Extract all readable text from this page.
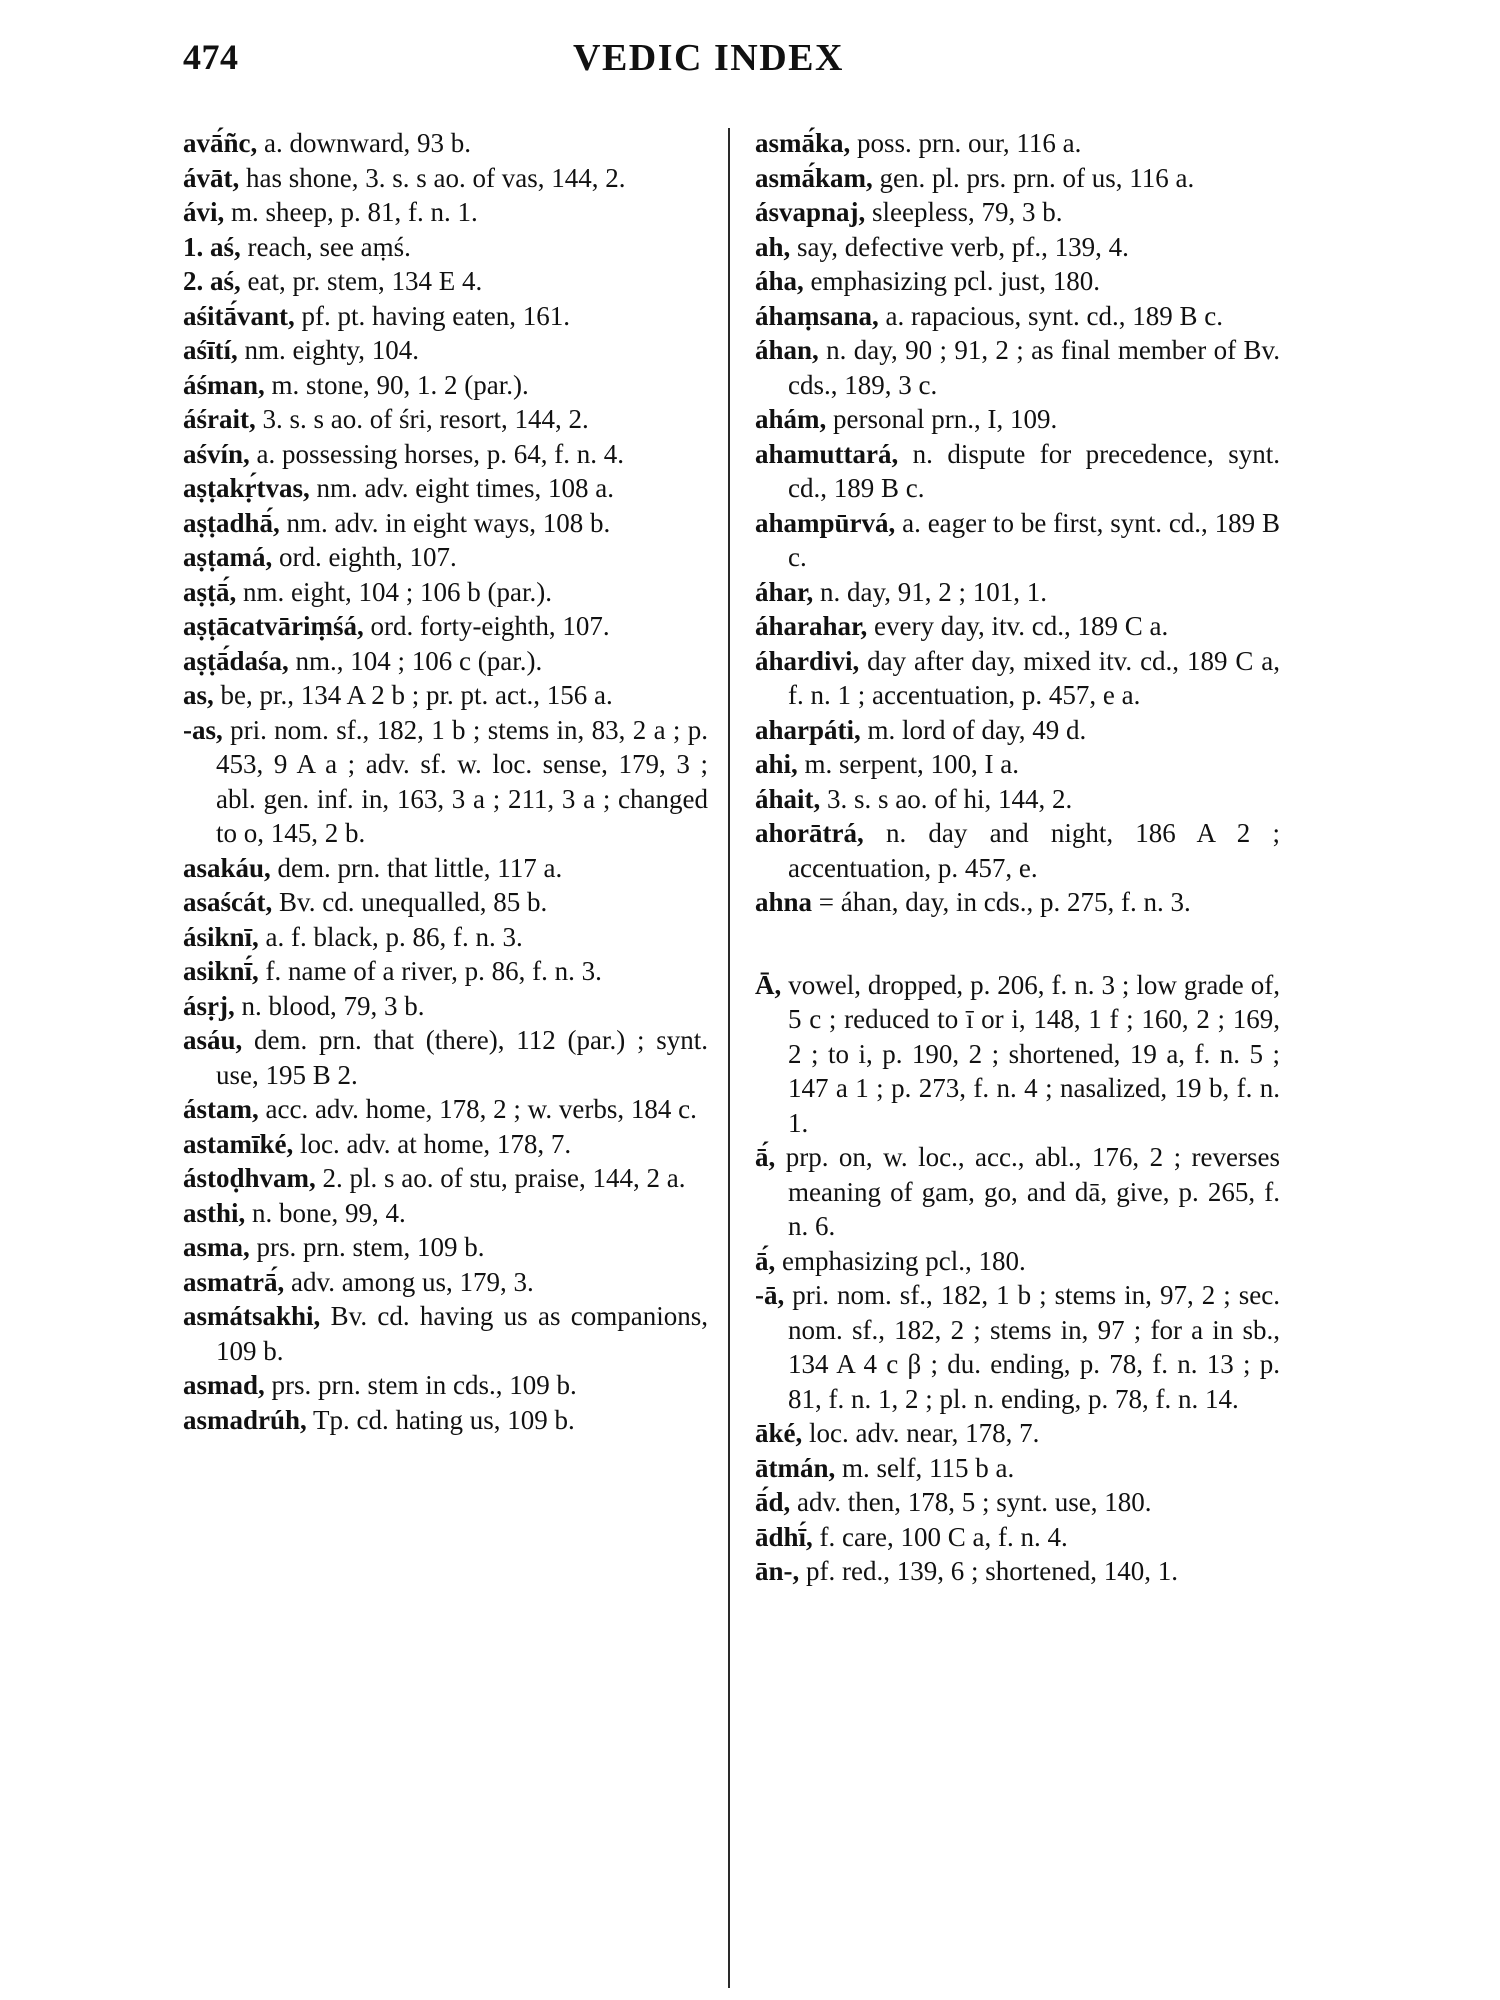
474	VEDIC INDEX

avā́ñc, a. downward, 93 b.

ávāt, has shone, 3. s. s ao. of vas, 144, 2.

ávi, m. sheep, p. 81, f. n. 1.

1. aś, reach, see aṃś.

2. aś, eat, pr. stem, 134 E 4.

aśitā́vant, pf. pt. having eaten, 161.

aśītí, nm. eighty, 104.

áśman, m. stone, 90, 1. 2 (par.).

áśrait, 3. s. s ao. of śri, resort, 144, 2.

aśvín, a. possessing horses, p. 64, f. n. 4.

aṣṭakṛ́tvas, nm. adv. eight times, 108 a.

aṣṭadhā́, nm. adv. in eight ways, 108 b.

aṣṭamá, ord. eighth, 107.

aṣṭā́, nm. eight, 104 ; 106 b (par.).

aṣṭācatvāriṃśá, ord. forty-eighth, 107.

aṣṭā́daśa, nm., 104 ; 106 c (par.).

as, be, pr., 134 A 2 b ; pr. pt. act., 156 a.

-as, pri. nom. sf., 182, 1 b ; stems in, 83, 2 a ; p. 453, 9 A a ; adv. sf. w. loc. sense, 179, 3 ; abl. gen. inf. in, 163, 3 a ; 211, 3 a ; changed to o, 145, 2 b.

asakáu, dem. prn. that little, 117 a.

asaścát, Bv. cd. unequalled, 85 b.

ásiknī, a. f. black, p. 86, f. n. 3.

asiknī́, f. name of a river, p. 86, f. n. 3.

ásṛj, n. blood, 79, 3 b.

asáu, dem. prn. that (there), 112 (par.) ; synt. use, 195 B 2.

ástam, acc. adv. home, 178, 2 ; w. verbs, 184 c.

astamīké, loc. adv. at home, 178, 7.

ástoḍhvam, 2. pl. s ao. of stu, praise, 144, 2 a.

asthi, n. bone, 99, 4.

asma, prs. prn. stem, 109 b.

asmatrā́, adv. among us, 179, 3.

asmátsakhi, Bv. cd. having us as companions, 109 b.

asmad, prs. prn. stem in cds., 109 b.

asmadrúh, Tp. cd. hating us, 109 b.

asmā́ka, poss. prn. our, 116 a.

asmā́kam, gen. pl. prs. prn. of us, 116 a.

ásvapnaj, sleepless, 79, 3 b.

ah, say, defective verb, pf., 139, 4.

áha, emphasizing pcl. just, 180.

áhaṃsana, a. rapacious, synt. cd., 189 B c.

áhan, n. day, 90 ; 91, 2 ; as final member of Bv. cds., 189, 3 c.

ahám, personal prn., I, 109.

ahamuttará, n. dispute for precedence, synt. cd., 189 B c.

ahampūrvá, a. eager to be first, synt. cd., 189 B c.

áhar, n. day, 91, 2 ; 101, 1.

áharahar, every day, itv. cd., 189 C a.

áhardivi, day after day, mixed itv. cd., 189 C a, f. n. 1 ; accentuation, p. 457, e a.

aharpáti, m. lord of day, 49 d.

ahi, m. serpent, 100, I a.

áhait, 3. s. s ao. of hi, 144, 2.

ahorātrá, n. day and night, 186 A 2 ; accentuation, p. 457, e.

ahna = áhan, day, in cds., p. 275, f. n. 3.

Ā, vowel, dropped, p. 206, f. n. 3 ; low grade of, 5 c ; reduced to ī or i, 148, 1 f ; 160, 2 ; 169, 2 ; to i, p. 190, 2 ; shortened, 19 a, f. n. 5 ; 147 a 1 ; p. 273, f. n. 4 ; nasalized, 19 b, f. n. 1.

ā́, prp. on, w. loc., acc., abl., 176, 2 ; reverses meaning of gam, go, and dā, give, p. 265, f. n. 6.

ā́, emphasizing pcl., 180.

-ā, pri. nom. sf., 182, 1 b ; stems in, 97, 2 ; sec. nom. sf., 182, 2 ; stems in, 97 ; for a in sb., 134 A 4 c β ; du. ending, p. 78, f. n. 13 ; p. 81, f. n. 1, 2 ; pl. n. ending, p. 78, f. n. 14.

āké, loc. adv. near, 178, 7.

ātmán, m. self, 115 b a.

ā́d, adv. then, 178, 5 ; synt. use, 180.

ādhī́, f. care, 100 C a, f. n. 4.

ān-, pf. red., 139, 6 ; shortened, 140, 1.
